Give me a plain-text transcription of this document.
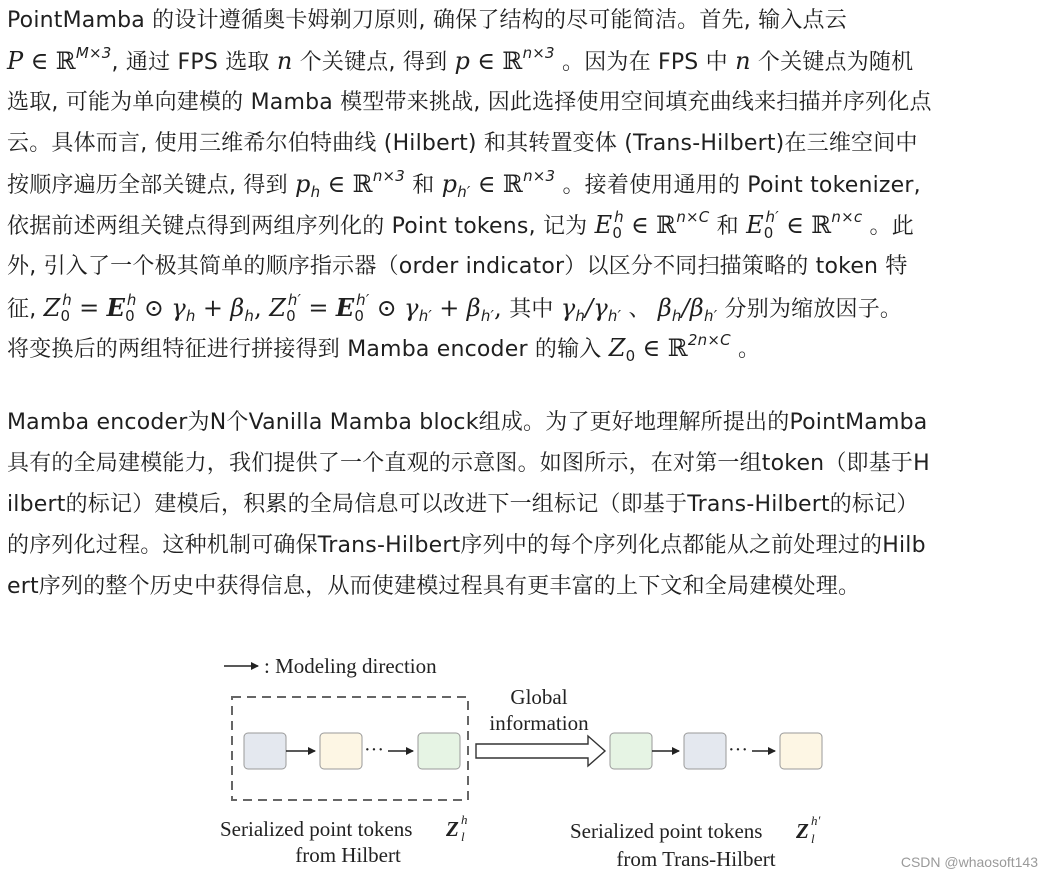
PointMamba 的设计遵循奥卡姆剃刀原则, 确保了结构的尽可能简洁。首先, 输入点云
P ∈ ℝ$^{M\times 3}$, 通过 FPS 选取 n 个关键点, 得到 p ∈ ℝ$^{n\times 3}$ 。因为在 FPS 中 n 个关键点为随机
选取, 可能为单向建模的 Mamba 模型带来挑战, 因此选择使用空间填充曲线来扫描并序列化点
云。具体而言, 使用三维希尔伯特曲线 (Hilbert) 和其转置变体 (Trans-Hilbert)在三维空间中
按顺序遍历全部关键点, 得到 $p_h$ ∈ ℝ$^{n\times 3}$ 和 $p_{h'}$ ∈ ℝ$^{n\times 3}$ 。接着使用通用的 Point tokenizer,
依据前述两组关键点得到两组序列化的 Point tokens, 记为 $E_0^h$ ∈ ℝ$^{n\times C}$ 和 $E_0^{h'}$ ∈ ℝ$^{n\times c}$ 。此
外, 引入了一个极其简单的顺序指示器（order indicator）以区分不同扫描策略的 token 特
征, $Z_0^h = E_0^h$ ⊙ $\gamma_h + \beta_h$, $Z_0^{h'} = E_0^{h'}$ ⊙ $\gamma_{h'} + \beta_{h'}$, 其中 $\gamma_h/\gamma_{h'}$ 、 $\beta_h/\beta_{h'}$ 分别为缩放因子。
将变换后的两组特征进行拼接得到 Mamba encoder 的输入 $Z_0$ ∈ ℝ$^{2n\times C}$ 。
Mamba encoder为N个Vanilla Mamba block组成。为了更好地理解所提出的PointMamba
具有的全局建模能力，我们提供了一个直观的示意图。如图所示，在对第一组token（即基于H
ilbert的标记）建模后，积累的全局信息可以改进下一组标记（即基于Trans-Hilbert的标记）
的序列化过程。这种机制可确保Trans-Hilbert序列中的每个序列化点都能从之前处理过的Hilb
ert序列的整个历史中获得信息，从而使建模过程具有更丰富的上下文和全局建模处理。
: Modeling direction
···
Global
information
···
Serialized point tokens Z l
h
from Hilbert
Serialized point tokens Z l
h′
from Trans-Hilbert	CSDN @whaosoft143
